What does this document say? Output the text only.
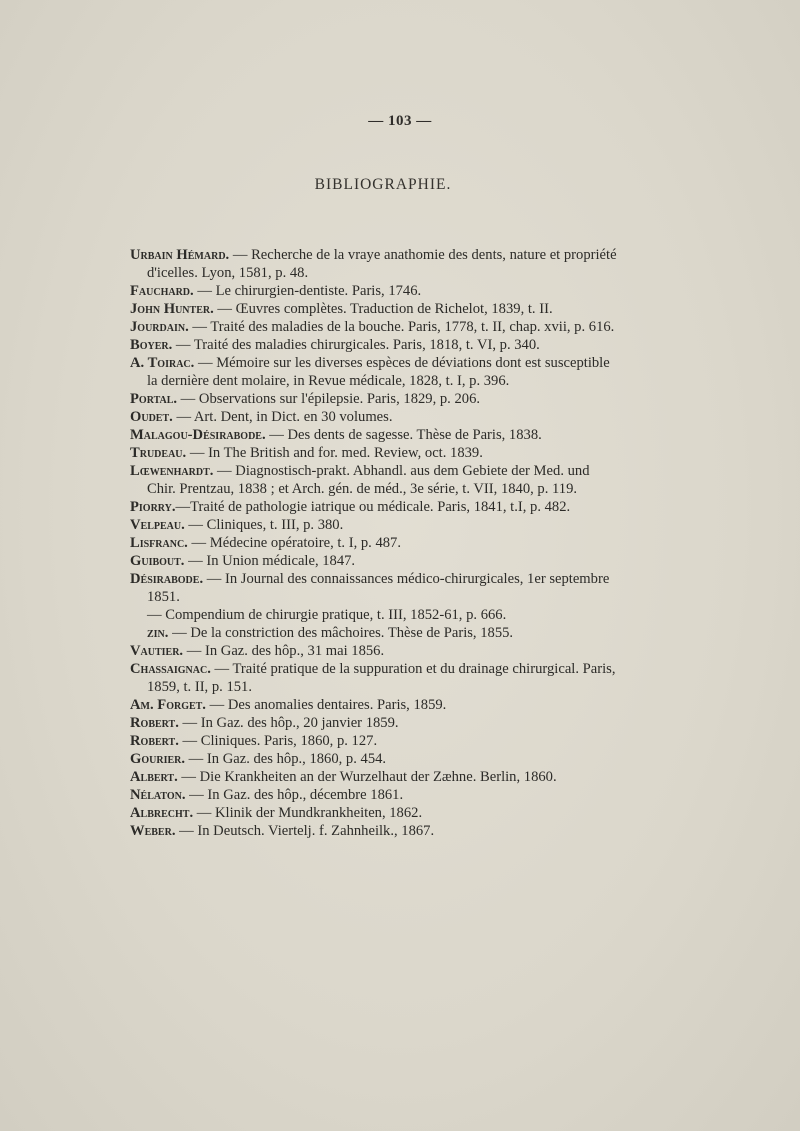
— 103 —
BIBLIOGRAPHIE.
Urbain Hémard. — Recherche de la vraye anathomie des dents, nature et propriété d'icelles. Lyon, 1581, p. 48.
Fauchard. — Le chirurgien-dentiste. Paris, 1746.
John Hunter. — Œuvres complètes. Traduction de Richelot, 1839, t. II.
Jourdain. — Traité des maladies de la bouche. Paris, 1778, t. II, chap. xvii, p. 616.
Boyer. — Traité des maladies chirurgicales. Paris, 1818, t. VI, p. 340.
A. Toirac. — Mémoire sur les diverses espèces de déviations dont est susceptible la dernière dent molaire, in Revue médicale, 1828, t. I, p. 396.
Portal. — Observations sur l'épilepsie. Paris, 1829, p. 206.
Oudet. — Art. Dent, in Dict. en 30 volumes.
Malagou-Désirabode. — Des dents de sagesse. Thèse de Paris, 1838.
Trudeau. — In The British and for. med. Review, oct. 1839.
Lœwenhardt. — Diagnostisch-prakt. Abhandl. aus dem Gebiete der Med. und Chir. Prentzau, 1838 ; et Arch. gén. de méd., 3e série, t. VII, 1840, p. 119.
Piorry.—Traité de pathologie iatrique ou médicale. Paris, 1841, t.I, p. 482.
Velpeau. — Cliniques, t. III, p. 380.
Lisfranc. — Médecine opératoire, t. I, p. 487.
Guibout. — In Union médicale, 1847.
Désirabode. — In Journal des connaissances médico-chirurgicales, 1er septembre 1851.
— Compendium de chirurgie pratique, t. III, 1852-61, p. 666.
zin. — De la constriction des mâchoires. Thèse de Paris, 1855.
Vautier. — In Gaz. des hôp., 31 mai 1856.
Chassaignac. — Traité pratique de la suppuration et du drainage chirurgical. Paris, 1859, t. II, p. 151.
Am. Forget. — Des anomalies dentaires. Paris, 1859.
Robert. — In Gaz. des hôp., 20 janvier 1859.
Robert. — Cliniques. Paris, 1860, p. 127.
Gourier. — In Gaz. des hôp., 1860, p. 454.
Albert. — Die Krankheiten an der Wurzelhaut der Zæhne. Berlin, 1860.
Nélaton. — In Gaz. des hôp., décembre 1861.
Albrecht. — Klinik der Mundkrankheiten, 1862.
Weber. — In Deutsch. Viertelj. f. Zahnheilk., 1867.
